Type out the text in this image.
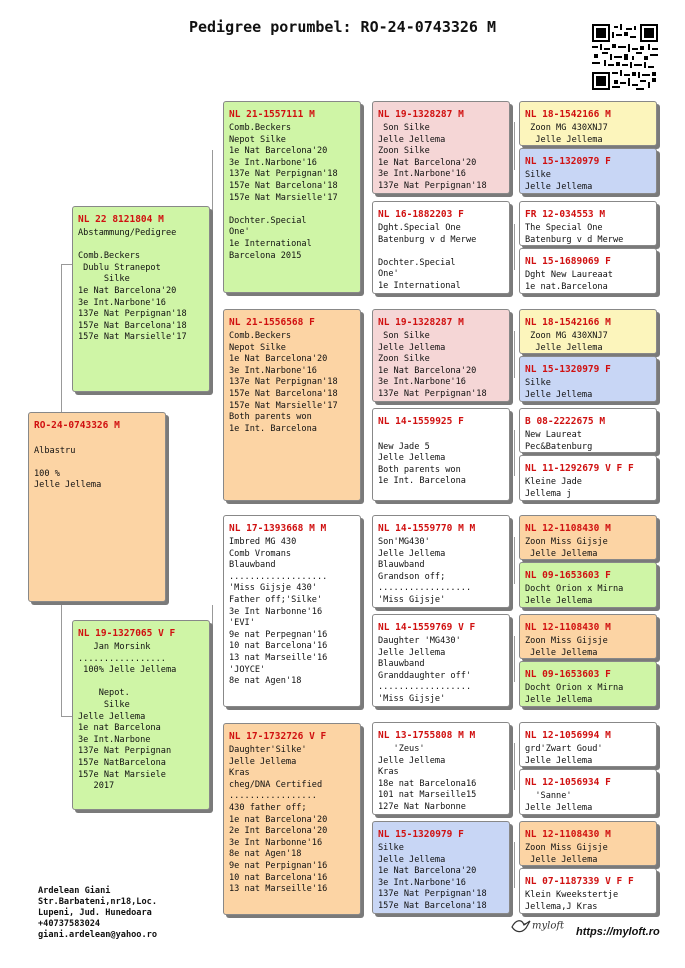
Pedigree porumbel: RO-24-0743326 M
RO-24-0743326 M

Albastru

100 %
Jelle Jellema
NL 22 8121804 M
Abstammung/Pedigree

Comb.Beckers
Dublu Stranepot
Silke
1e Nat Barcelona'20
3e Int.Narbone'16
137e Nat Perpignan'18
157e Nat Barcelona'18
157e Nat Marsielle'17
NL 19-1327065 V F
Jan Morsink
.................
100% Jelle Jellema

Nepot.
Silke
Jelle Jellema
1e nat Barcelona
3e Int.Narbone
137e Nat Perpignan
157e NatBarcelona
157e Nat Marsiele
2017
NL 21-1557111 M
Comb.Beckers
Nepot Silke
1e Nat Barcelona'20
3e Int.Narbone'16
137e Nat Perpignan'18
157e Nat Barcelona'18
157e Nat Marsielle'17

Dochter.Special
One'
1e International
Barcelona 2015
NL 21-1556568 F
Comb.Beckers
Nepot Silke
1e Nat Barcelona'20
3e Int.Narbone'16
137e Nat Perpignan'18
157e Nat Barcelona'18
157e Nat Marsielle'17
Both parents won
1e Int. Barcelona
NL 17-1393668 M M
Imbred MG 430
Comb Vromans
Blauwband
...................
'Miss Gijsje 430'
Father off;'Silke'
3e Int Narbonne'16
'EVI'
9e nat Perpegnan'16
10 nat Barcelona'16
13 nat Marseille'16
'JOYCE'
8e nat Agen'18
NL 17-1732726 V F
Daughter'Silke'
Jelle Jellema
Kras
cheg/DNA Certified
.................
430 father off;
1e nat Barcelona'20
2e Int Barcelona'20
3e Int Narbonne'16
8e nat Agen'18
9e nat Perpignan'16
10 nat Barcelona'16
13 nat Marseille'16
NL 19-1328287 M
Son Silke
Jelle Jellema
Zoon Silke
1e Nat Barcelona'20
3e Int.Narbone'16
137e Nat Perpignan'18
NL 16-1882203 F
Dght.Special One
Batenburg v d Merwe

Dochter.Special
One'
1e International
NL 19-1328287 M
Son Silke
Jelle Jellema
Zoon Silke
1e Nat Barcelona'20
3e Int.Narbone'16
137e Nat Perpignan'18
NL 14-1559925 F

New Jade 5
Jelle Jellema
Both parents won
1e Int. Barcelona
NL 14-1559770 M M
Son'MG430'
Jelle Jellema
Blauwband
Grandson off;
..................
'Miss Gijsje'
NL 14-1559769 V F
Daughter 'MG430'
Jelle Jellema
Blauwband
Granddaughter off'
..................
'Miss Gijsje'
NL 13-1755808 M M
'Zeus'
Jelle Jellema
Kras
18e nat Barcelona16
101 nat Marseille15
127e Nat Narbonne
NL 15-1320979 F
Silke
Jelle Jellema
1e Nat Barcelona'20
3e Int.Narbone'16
137e Nat Perpignan'18
157e Nat Barcelona'18
NL 18-1542166 M
Zoon MG 430XNJ7
Jelle Jellema
NL 15-1320979 F
Silke
Jelle Jellema
FR 12-034553 M
The Special One
Batenburg v d Merwe
NL 15-1689069 F
Dght New Laureaat
1e nat.Barcelona
NL 18-1542166 M
Zoon MG 430XNJ7
Jelle Jellema
NL 15-1320979 F
Silke
Jelle Jellema
B 08-2222675 M
New Laureat
Pec&Batenburg
NL 11-1292679 V F F
Kleine Jade
Jellema j
NL 12-1108430 M
Zoon Miss Gijsje
Jelle Jellema
NL 09-1653603 F
Docht Orion x Mirna
Jelle Jellema
NL 12-1108430 M
Zoon Miss Gijsje
Jelle Jellema
NL 09-1653603 F
Docht Orion x Mirna
Jelle Jellema
NL 12-1056994 M
grd'Zwart Goud'
Jelle Jellema
NL 12-1056934 F
'Sanne'
Jelle Jellema
NL 12-1108430 M
Zoon Miss Gijsje
Jelle Jellema
NL 07-1187339 V F F
Klein Kweekstertje
Jellema,J Kras
Ardelean Giani
Str.Barbateni,nr18,Loc.
Lupeni, Jud. Hunedoara
+40737583024
giani.ardelean@yahoo.ro
myloft https://myloft.ro
